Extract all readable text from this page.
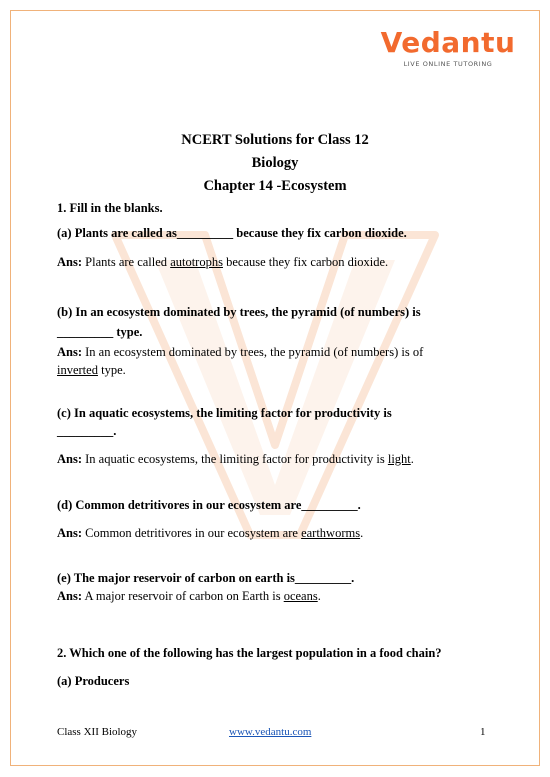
Vedantu
LIVE ONLINE TUTORING
NCERT Solutions for Class 12
Biology
Chapter 14 -Ecosystem
1. Fill in the blanks.
(a) Plants are called as_________ because they fix carbon dioxide.
Ans: Plants are called autotrophs because they fix carbon dioxide.
(b) In an ecosystem dominated by trees, the pyramid (of numbers) is
_________ type.
Ans: In an ecosystem dominated by trees, the pyramid (of numbers) is of
inverted type.
(c) In aquatic ecosystems, the limiting factor for productivity is
_________.
Ans: In aquatic ecosystems, the limiting factor for productivity is light.
(d) Common detritivores in our ecosystem are_________.
Ans: Common detritivores in our ecosystem are earthworms.
(e) The major reservoir of carbon on earth is_________.
Ans: A major reservoir of carbon on Earth is oceans.
2. Which one of the following has the largest population in a food chain?
(a) Producers
Class XII Biology	www.vedantu.com	1
